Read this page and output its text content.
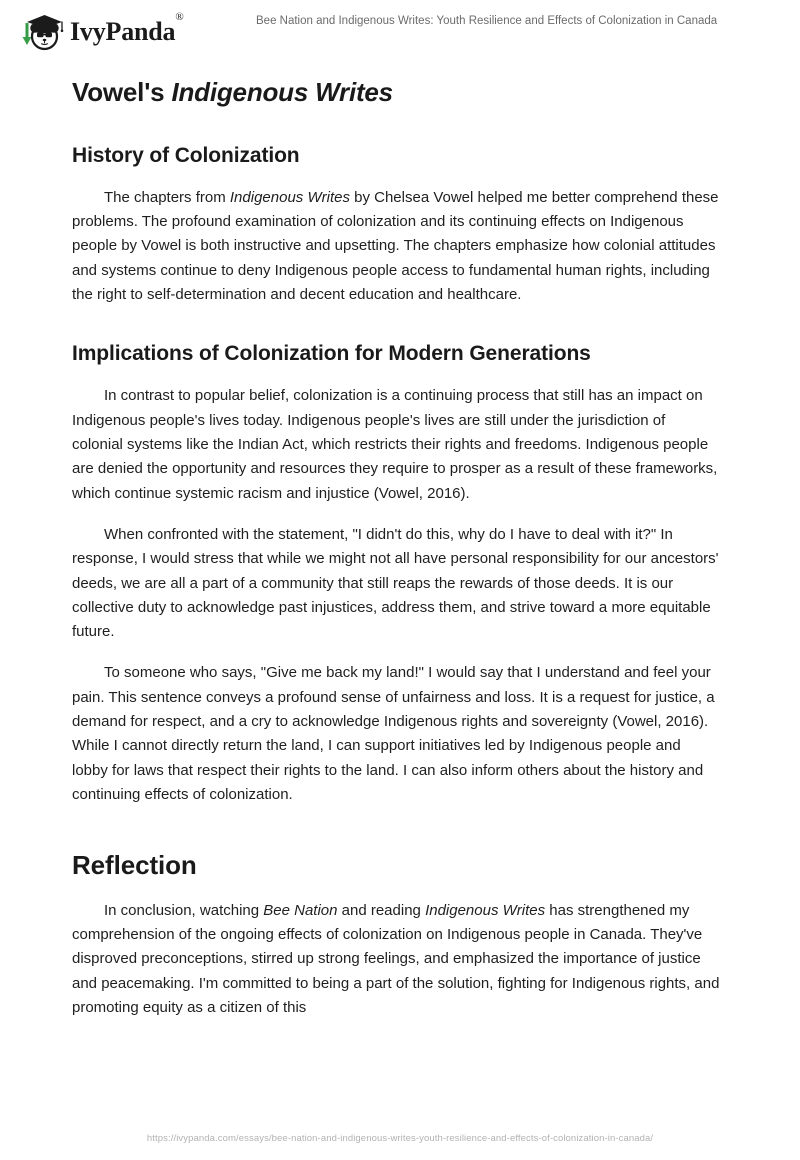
IvyPanda®	Bee Nation and Indigenous Writes: Youth Resilience and Effects of Colonization in Canada
Vowel's Indigenous Writes
History of Colonization

The chapters from Indigenous Writes by Chelsea Vowel helped me better comprehend these problems. The profound examination of colonization and its continuing effects on Indigenous people by Vowel is both instructive and upsetting. The chapters emphasize how colonial attitudes and systems continue to deny Indigenous people access to fundamental human rights, including the right to self-determination and decent education and healthcare.

Implications of Colonization for Modern Generations

In contrast to popular belief, colonization is a continuing process that still has an impact on Indigenous people's lives today. Indigenous people's lives are still under the jurisdiction of colonial systems like the Indian Act, which restricts their rights and freedoms. Indigenous people are denied the opportunity and resources they require to prosper as a result of these frameworks, which continue systemic racism and injustice (Vowel, 2016).

When confronted with the statement, "I didn't do this, why do I have to deal with it?" In response, I would stress that while we might not all have personal responsibility for our ancestors' deeds, we are all a part of a community that still reaps the rewards of those deeds. It is our collective duty to acknowledge past injustices, address them, and strive toward a more equitable future.

To someone who says, "Give me back my land!" I would say that I understand and feel your pain. This sentence conveys a profound sense of unfairness and loss. It is a request for justice, a demand for respect, and a cry to acknowledge Indigenous rights and sovereignty (Vowel, 2016). While I cannot directly return the land, I can support initiatives led by Indigenous people and lobby for laws that respect their rights to the land. I can also inform others about the history and continuing effects of colonization.

Reflection

In conclusion, watching Bee Nation and reading Indigenous Writes has strengthened my comprehension of the ongoing effects of colonization on Indigenous people in Canada. They've disproved preconceptions, stirred up strong feelings, and emphasized the importance of justice and peacemaking. I'm committed to being a part of the solution, fighting for Indigenous rights, and promoting equity as a citizen of this

https://ivypanda.com/essays/bee-nation-and-indigenous-writes-youth-resilience-and-effects-of-colonization-in-canada/
